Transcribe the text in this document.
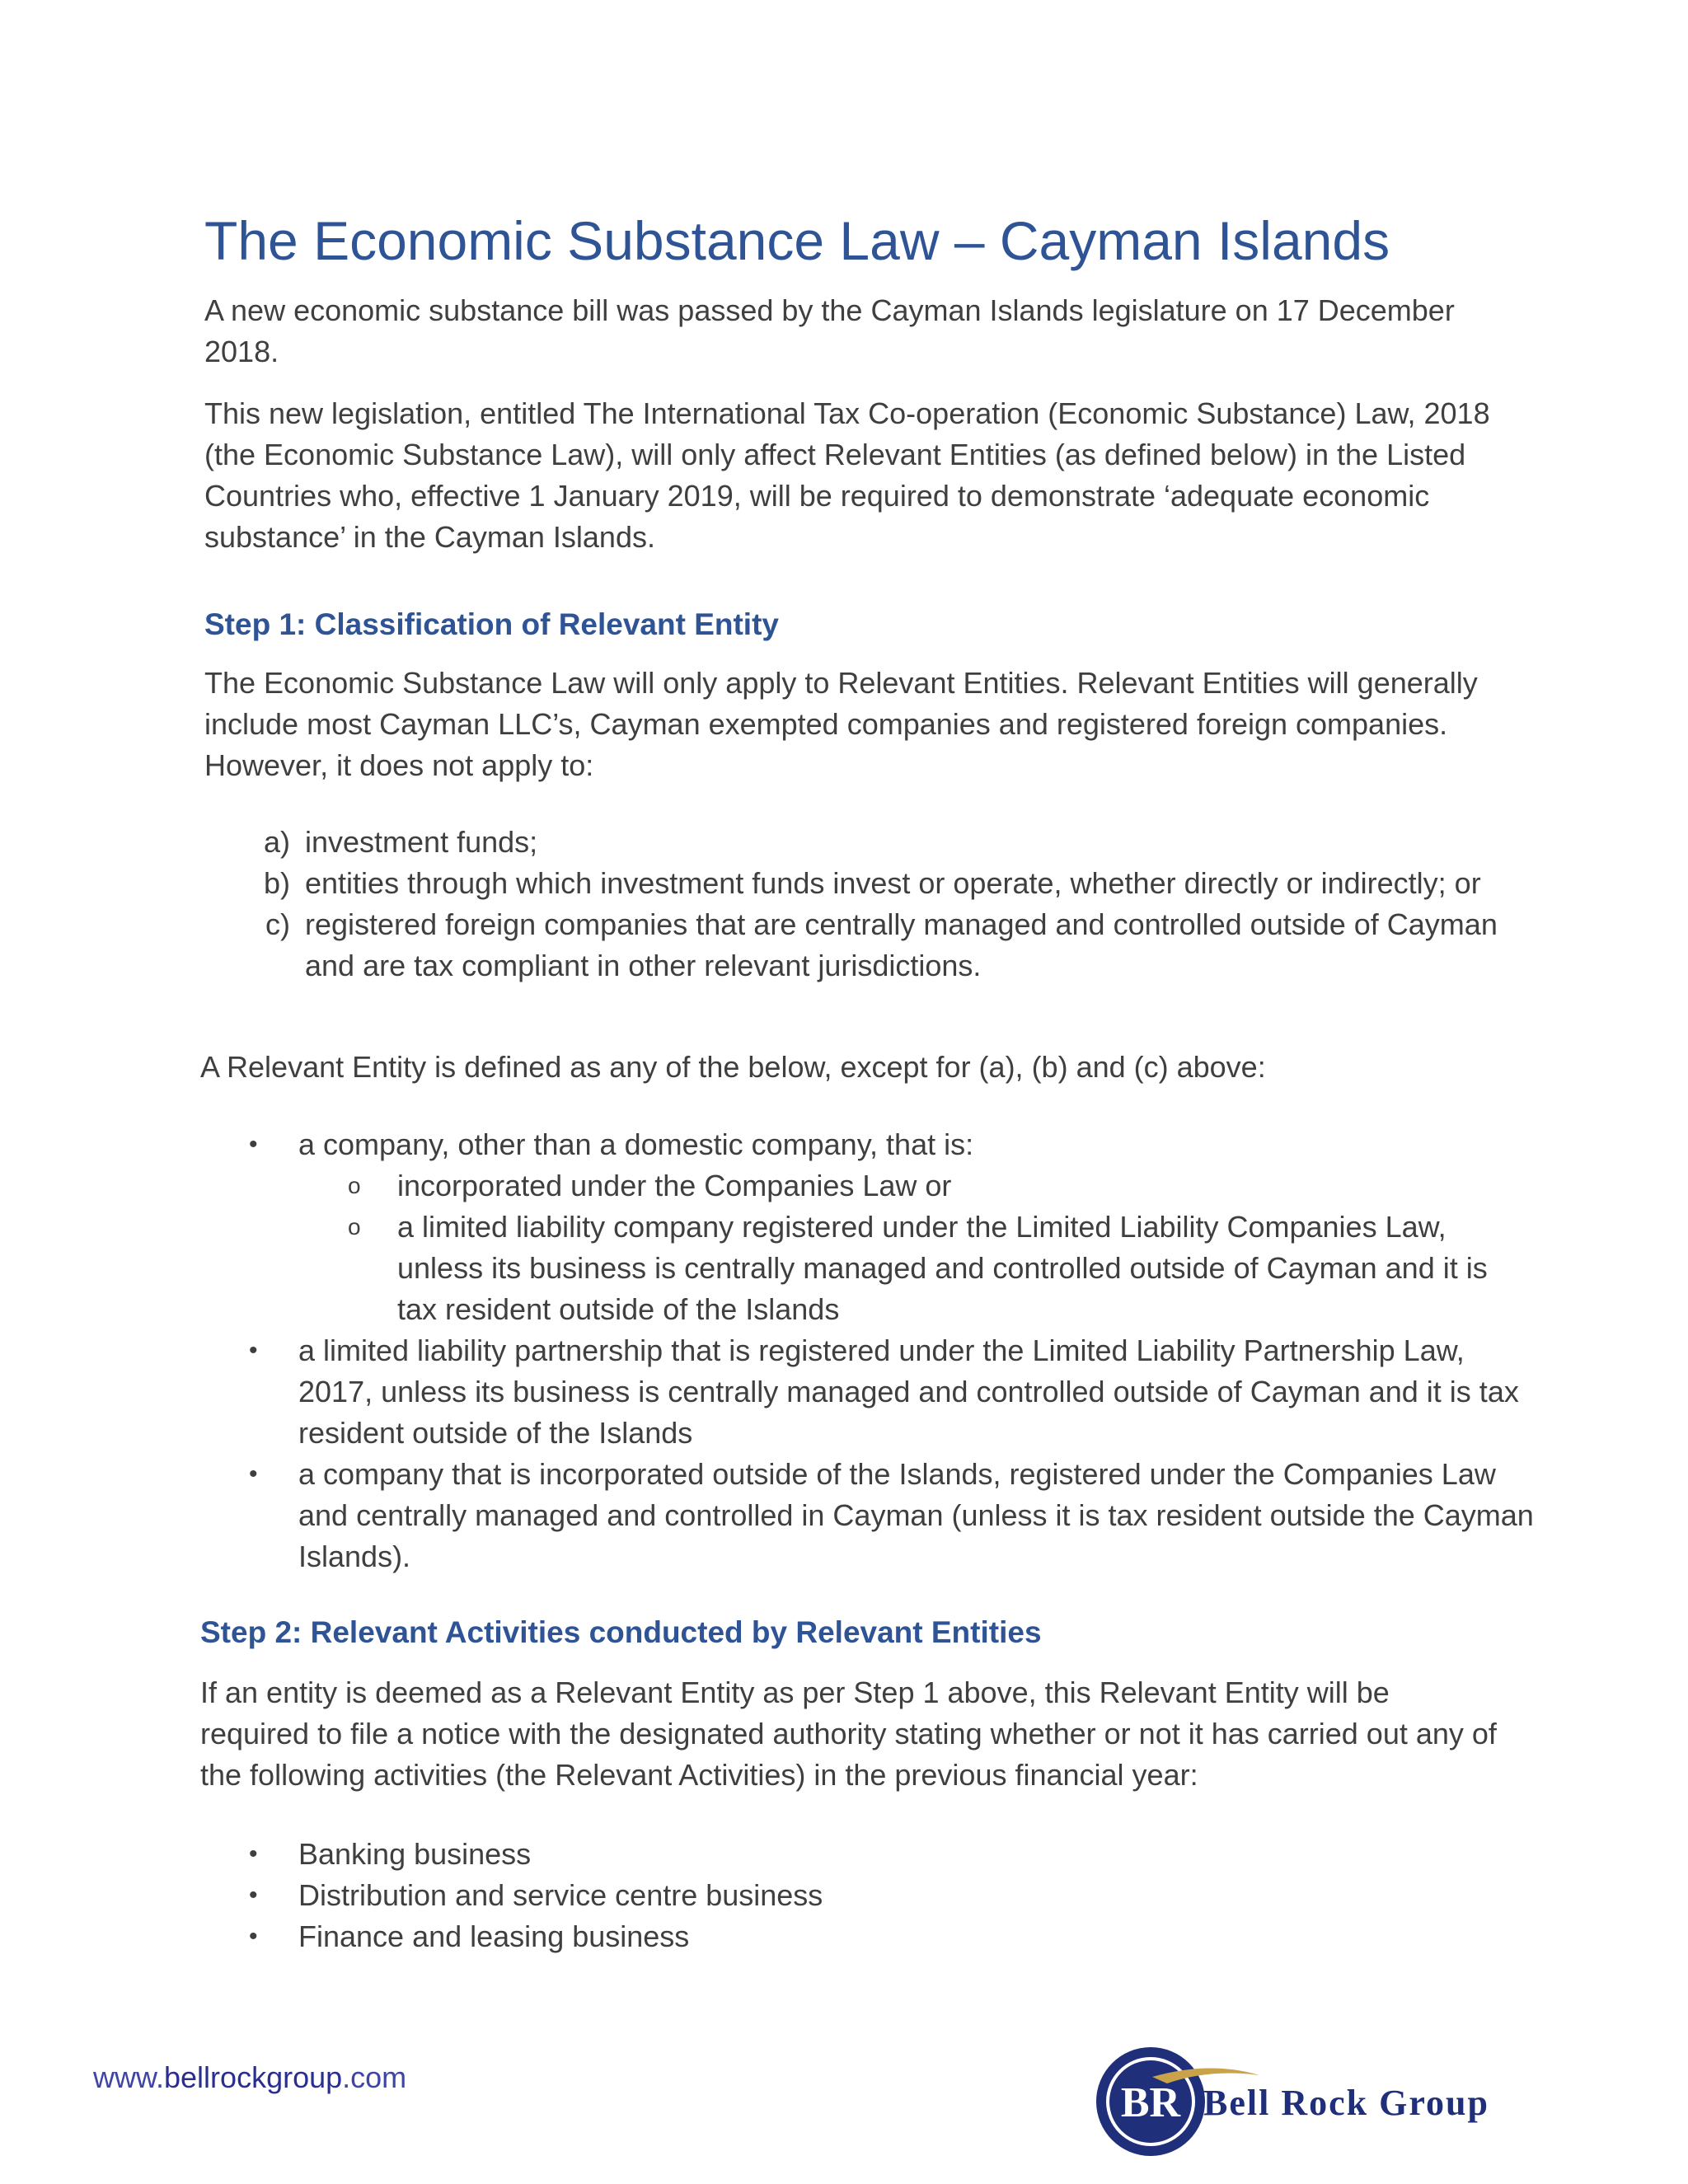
The Economic Substance Law – Cayman Islands

A new economic substance bill was passed by the Cayman Islands legislature on 17 December 2018.

This new legislation, entitled The International Tax Co-operation (Economic Substance) Law, 2018 (the Economic Substance Law), will only affect Relevant Entities (as defined below) in the Listed Countries who, effective 1 January 2019, will be required to demonstrate ‘adequate economic substance’ in the Cayman Islands.

Step 1: Classification of Relevant Entity

The Economic Substance Law will only apply to Relevant Entities. Relevant Entities will generally include most Cayman LLC’s, Cayman exempted companies and registered foreign companies. However, it does not apply to:

a) investment funds;
b) entities through which investment funds invest or operate, whether directly or indirectly; or
c) registered foreign companies that are centrally managed and controlled outside of Cayman and are tax compliant in other relevant jurisdictions.

A Relevant Entity is defined as any of the below, except for (a), (b) and (c) above:

• a company, other than a domestic company, that is:
o incorporated under the Companies Law or
o a limited liability company registered under the Limited Liability Companies Law, unless its business is centrally managed and controlled outside of Cayman and it is tax resident outside of the Islands
• a limited liability partnership that is registered under the Limited Liability Partnership Law, 2017, unless its business is centrally managed and controlled outside of Cayman and it is tax resident outside of the Islands
• a company that is incorporated outside of the Islands, registered under the Companies Law and centrally managed and controlled in Cayman (unless it is tax resident outside the Cayman Islands).
Step 2: Relevant Activities conducted by Relevant Entities

If an entity is deemed as a Relevant Entity as per Step 1 above, this Relevant Entity will be required to file a notice with the designated authority stating whether or not it has carried out any of the following activities (the Relevant Activities) in the previous financial year:

• Banking business
• Distribution and service centre business
• Finance and leasing business
www.bellrockgroup.com
BR Bell Rock Group
